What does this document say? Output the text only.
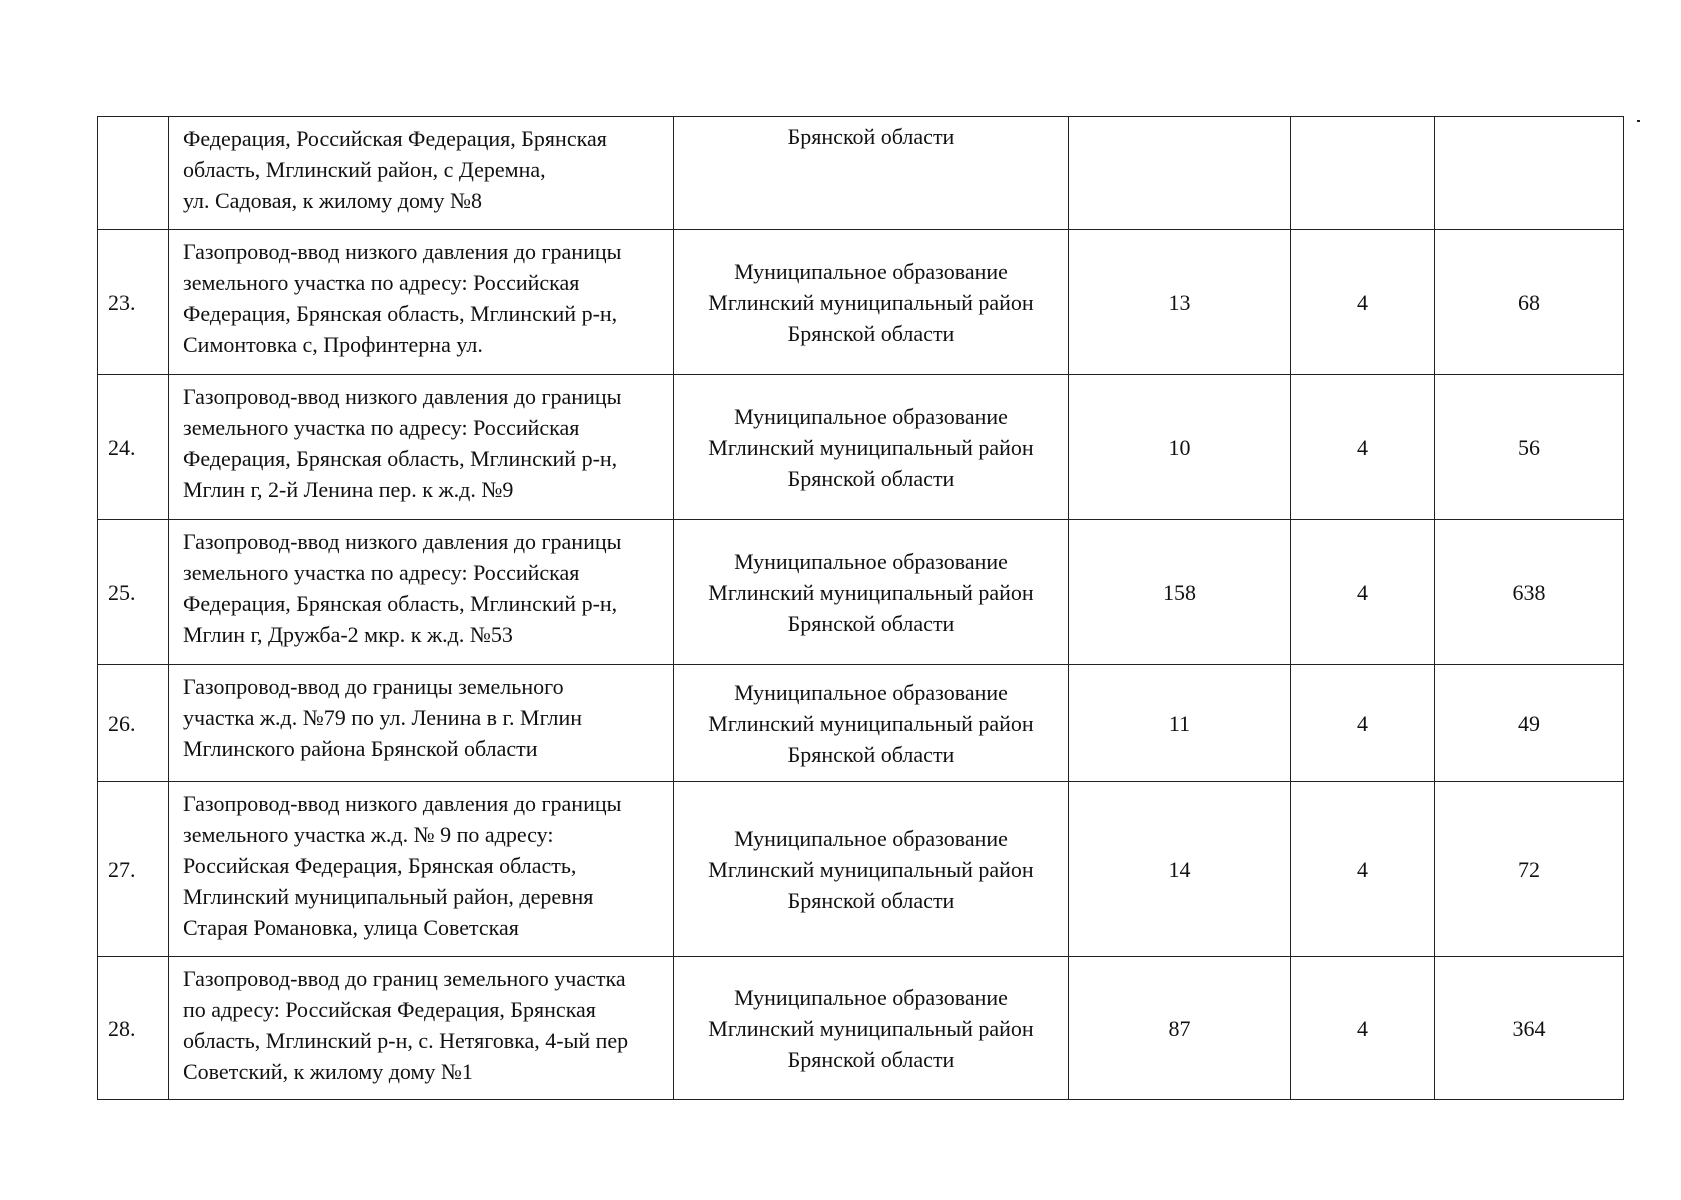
	Федерация, Российская Федерация, Брянская
область, Мглинский район, с Деремна,
ул. Садовая, к жилому дому №8	Брянской области			

23.	Газопровод-ввод низкого давления до границы
земельного участка по адресу: Российская
Федерация, Брянская область, Мглинский р-н,
Симонтовка с, Профинтерна ул.	Муниципальное образование
Мглинский муниципальный район
Брянской области	13	4	68
24.	Газопровод-ввод низкого давления до границы
земельного участка по адресу: Российская
Федерация, Брянская область, Мглинский р-н,
Мглин г, 2-й Ленина пер. к ж.д. №9	Муниципальное образование
Мглинский муниципальный район
Брянской области	10	4	56
25.	Газопровод-ввод низкого давления до границы
земельного участка по адресу: Российская
Федерация, Брянская область, Мглинский р-н,
Мглин г, Дружба-2 мкр. к ж.д. №53	Муниципальное образование
Мглинский муниципальный район
Брянской области	158	4	638
26.	Газопровод-ввод до границы земельного
участка ж.д. №79 по ул. Ленина в г. Мглин
Мглинского района Брянской области	Муниципальное образование
Мглинский муниципальный район
Брянской области	11	4	49
27.	Газопровод-ввод низкого давления до границы
земельного участка ж.д. № 9 по адресу:
Российская Федерация, Брянская область,
Мглинский муниципальный район, деревня
Старая Романовка, улица Советская	Муниципальное образование
Мглинский муниципальный район
Брянской области	14	4	72
28.	Газопровод-ввод до границ земельного участка
по адресу: Российская Федерация, Брянская
область, Мглинский р-н, с. Нетяговка, 4-ый пер
Советский, к жилому дому №1	Муниципальное образование
Мглинский муниципальный район
Брянской области	87	4	364
